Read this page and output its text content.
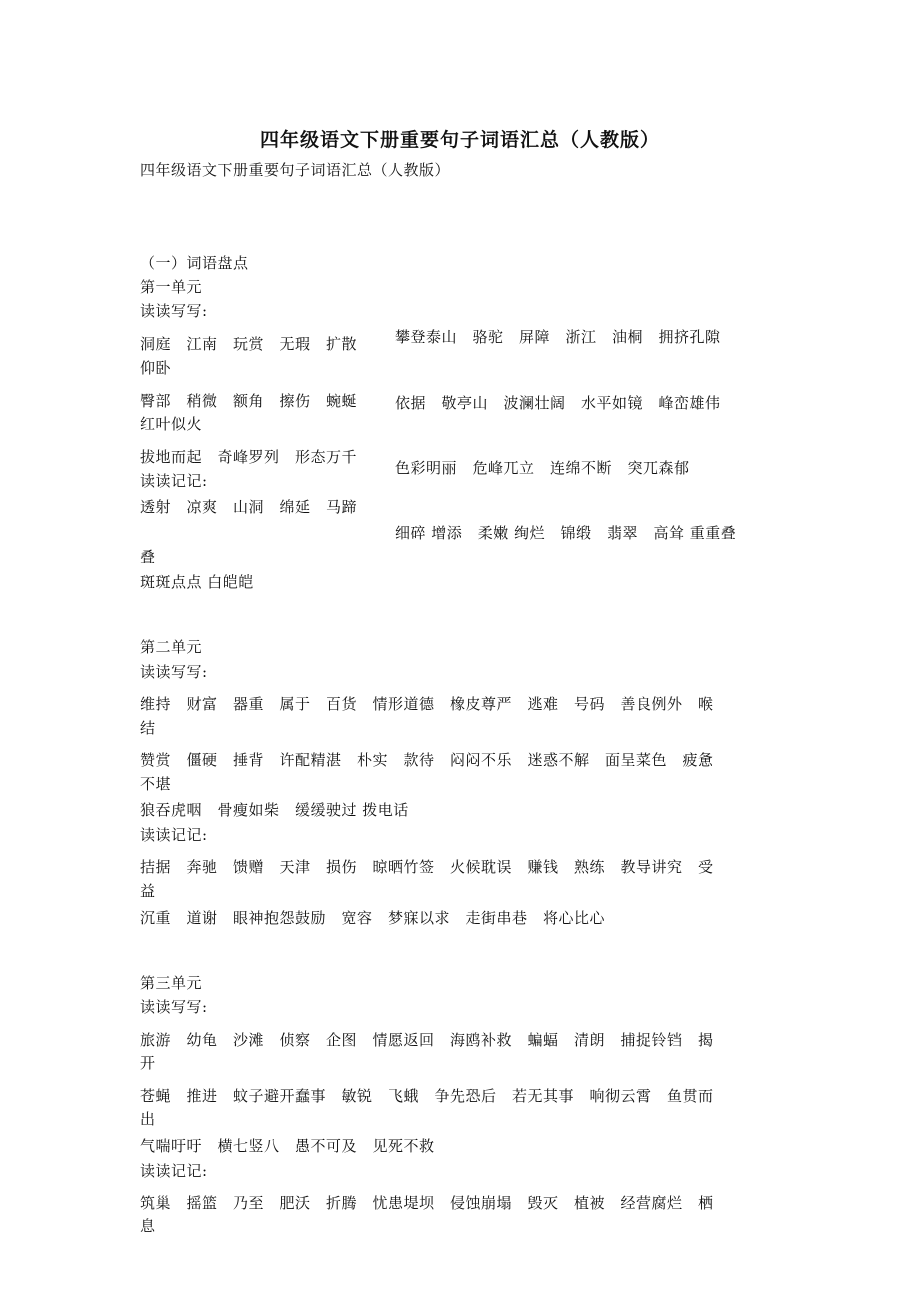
四年级语文下册重要句子词语汇总（人教版）
四年级语文下册重要句子词语汇总（人教版）
（一）词语盘点
第一单元
读读写写:
洞庭　江南　玩赏　无瑕　扩散	攀登泰山　骆驼　屏障　浙江　油桐　拥挤孔隙
仰卧
臀部　稍微　额角　擦伤　蜿蜒	依据　敬亭山　波澜壮阔　水平如镜　峰峦雄伟
红叶似火
拔地而起　奇峰罗列　形态万千
色彩明丽　危峰兀立　连绵不断　突兀森郁
读读记记:
透射　凉爽　山洞　绵延　马蹄
细碎 增添　柔嫩 绚烂　锦缎　翡翠　高耸 重重叠
叠
斑斑点点 白皑皑
第二单元
读读写写:
维持　财富　器重　属于　百货　情形道德　橡皮尊严　逃难　号码　善良例外　喉
结
赞赏　僵硬　捶背　许配精湛　朴实　款待　闷闷不乐　迷惑不解　面呈菜色　疲惫
不堪
狼吞虎咽　骨瘦如柴　缓缓驶过 拨电话
读读记记:
拮据　奔驰　馈赠　天津　损伤　晾晒竹签　火候耽误　赚钱　熟练　教导讲究　受
益
沉重　道谢　眼神抱怨鼓励　宽容　梦寐以求　走街串巷　将心比心
第三单元
读读写写:
旅游　幼龟　沙滩　侦察　企图　情愿返回　海鸥补救　蝙蝠　清朗　捕捉铃铛　揭
开
苍蝇　推进　蚊子避开蠢事　敏锐　飞蛾　争先恐后　若无其事　响彻云霄　鱼贯而
出
气喘吁吁　横七竖八　愚不可及　见死不救
读读记记:
筑巢　摇篮　乃至　肥沃　折腾　忧患堤坝　侵蚀崩塌　毁灭　植被　经营腐烂　栖
息
